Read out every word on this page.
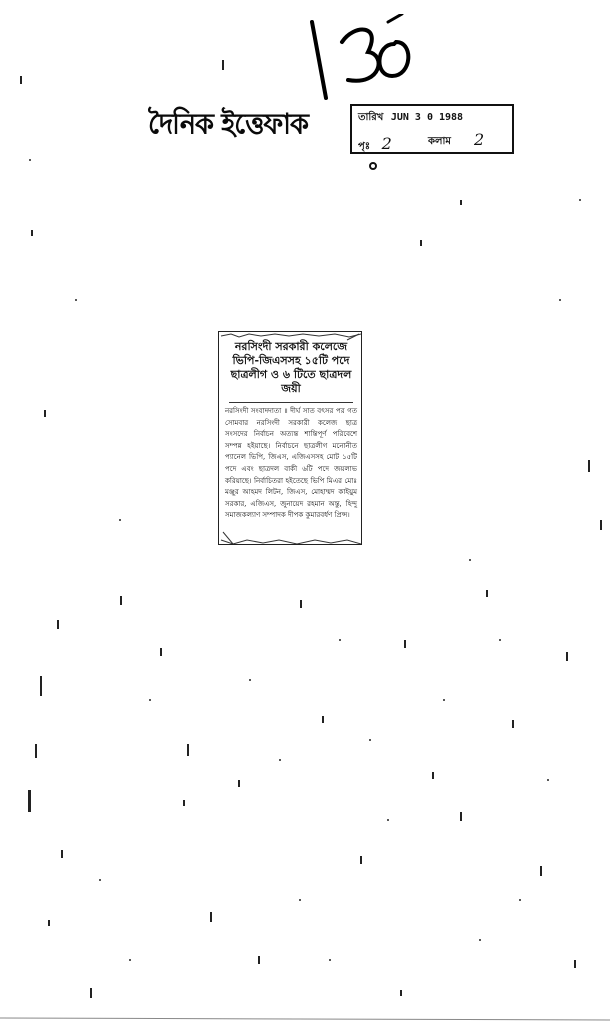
দৈনিক ইত্তেফাক	তারিখ JUN 3 0 1988
পৃঃ 2	কলাম 2
নরসিংদী সরকারী কলেজে ভিপি-জিএসসহ ১৫টি পদে ছাত্রলীগ ও ৬ টিতে ছাত্রদল জয়ী
নরসিংদী সংবাদদাতা ॥ দীর্ঘ সাত বৎসর পর গত সোমবার নরসিংদী সরকারী কলেজ ছাত্র সংসদের নির্বাচন অত্যন্ত শান্তিপূর্ণ পরিবেশে সম্পন্ন হইয়াছে। নির্বাচনে ছাত্রলীগ মনোনীত প্যানেল ভিপি, জিএস, এজিএসসহ মোট ১৫টি পদে এবং ছাত্রদল বাকী ৬টি পদে জয়লাভ করিয়াছে। নির্বাচিতরা হইতেছে ভিপি মিএর মোঃ মঞ্জুর আহমদ লিটন, জিএস, মোহাম্মদ কাইয়ুম সরকার, এজিএস, জুনায়েদ রহমান অন্তু, হিন্দু সমাজকল্যাণ সম্পাদক দীপক কুমারবর্ধণ প্রিন্স।
